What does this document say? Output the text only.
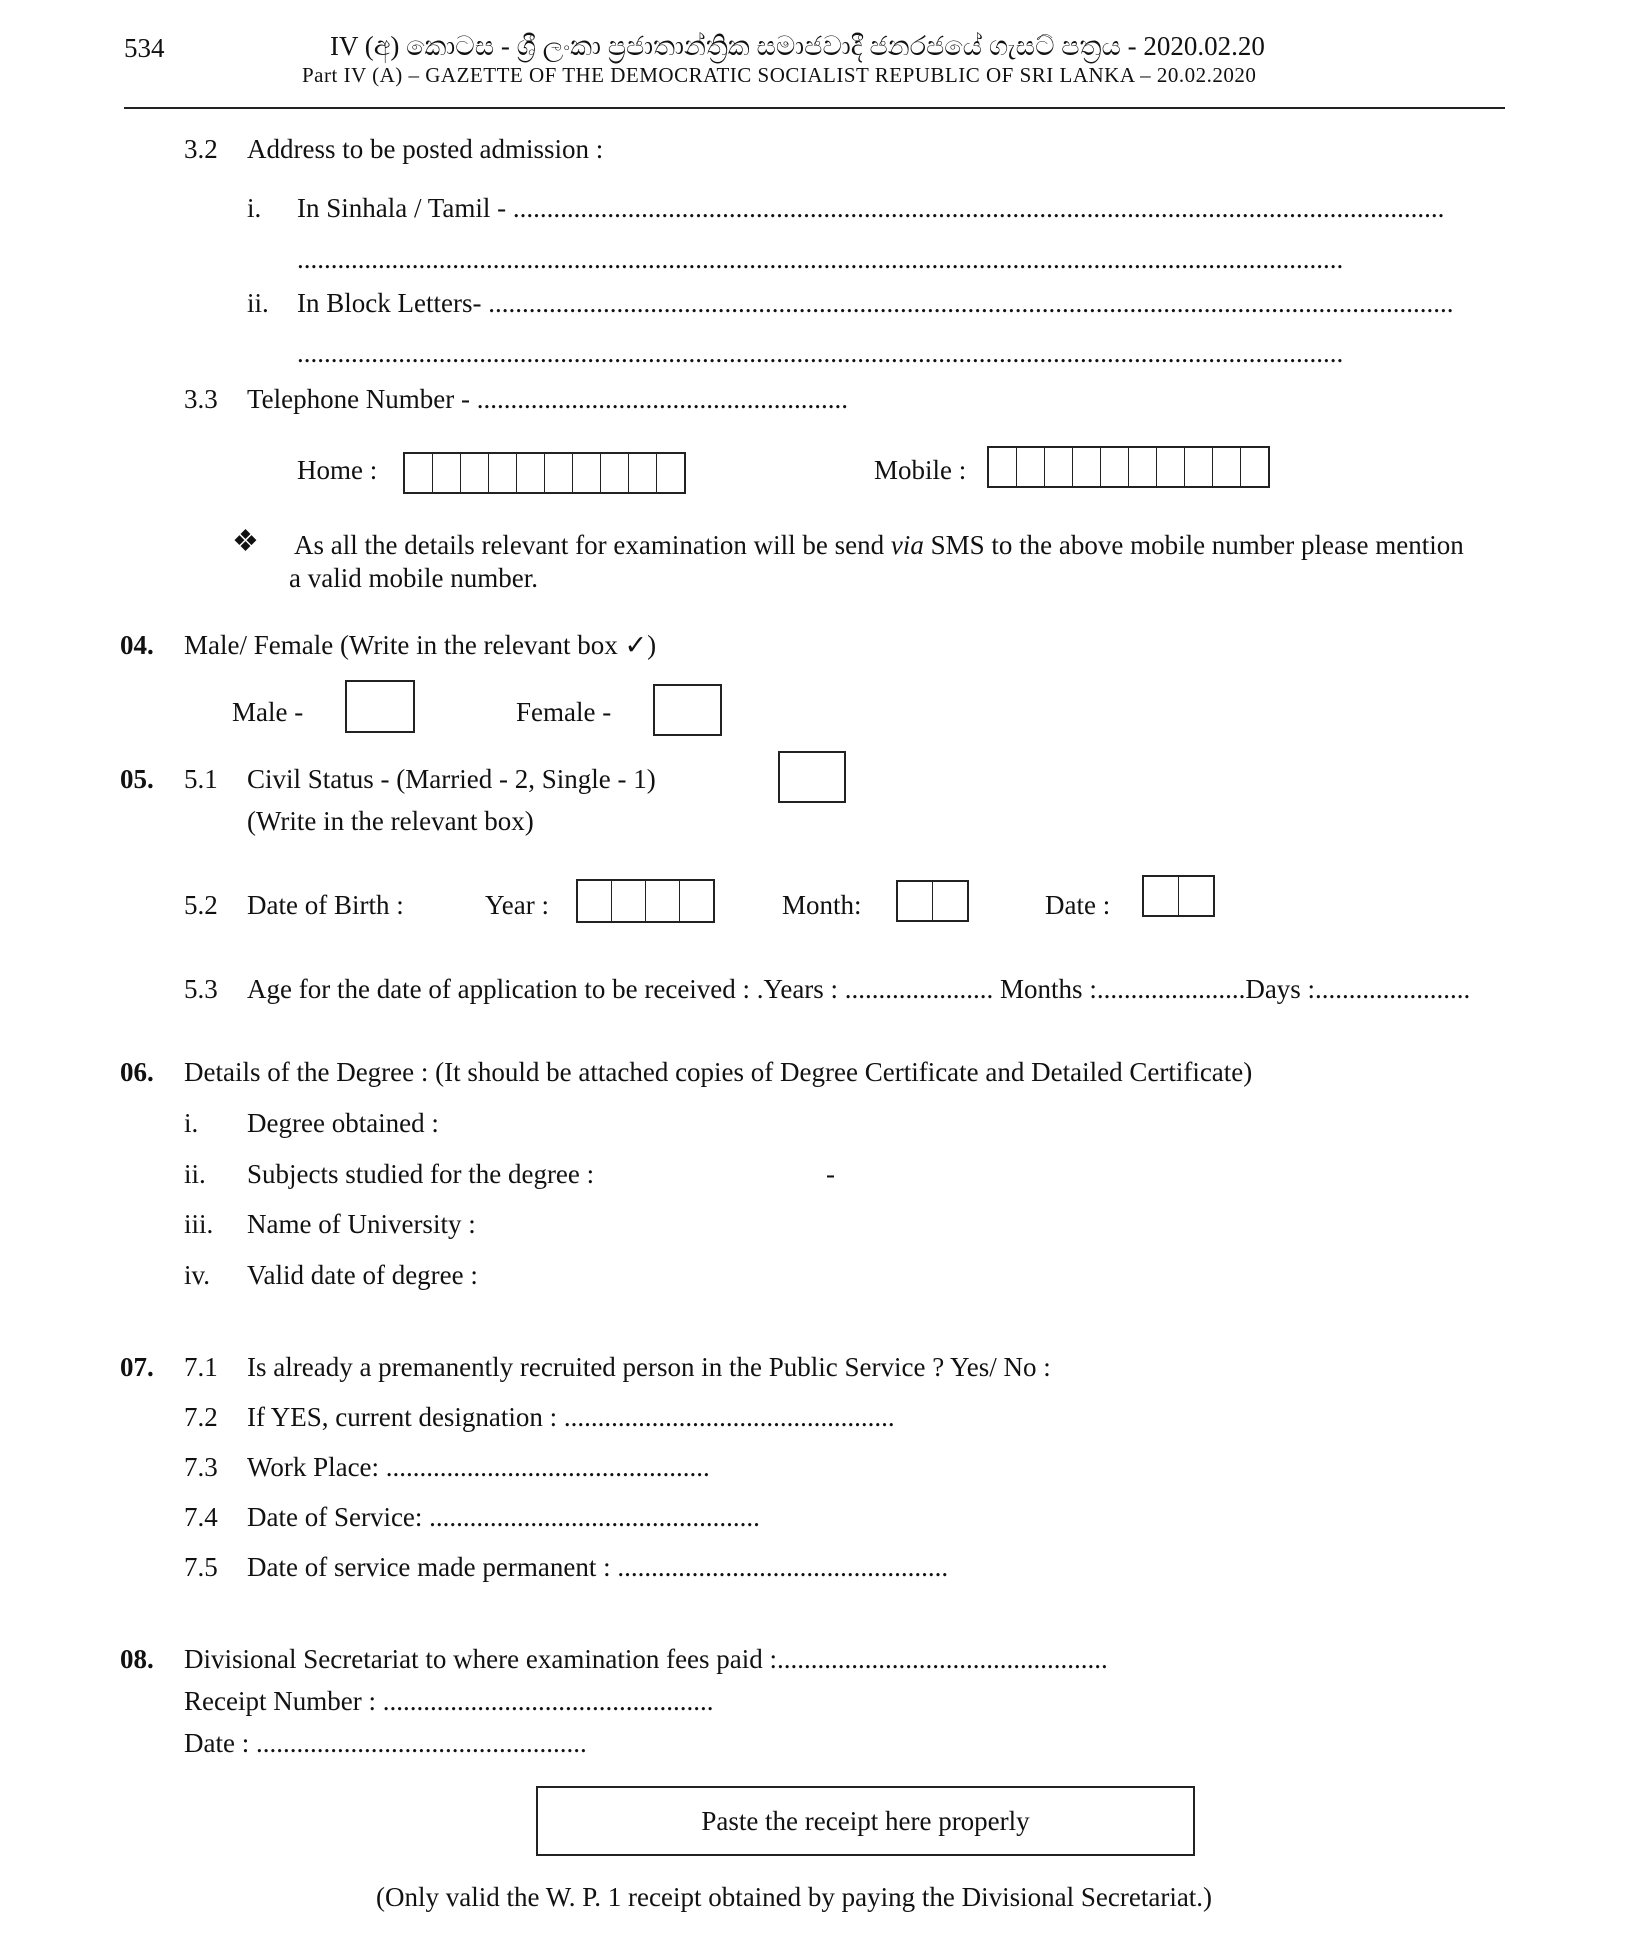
534	IV (අ) කොටස - ශ්‍රී ලංකා ප්‍රජාතාන්ත්‍රික සමාජවාදී ජනරජයේ ගැසට් පත්‍රය - 2020.02.20
Part IV (A) – GAZETTE OF THE DEMOCRATIC SOCIALIST REPUBLIC OF SRI LANKA – 20.02.2020
3.2 Address to be posted admission :
i. In Sinhala / Tamil - ..........................................................................................................................................
...........................................................................................................................................................
ii. In Block Letters- ...............................................................................................................................................
...........................................................................................................................................................
3.3 Telephone Number - .......................................................
Home :	Mobile :
❖ As all the details relevant for examination will be send via SMS to the above mobile number please mention
a valid mobile number.
04. Male/ Female (Write in the relevant box ✓)
Male -	Female -
05. 5.1 Civil Status - (Married - 2, Single - 1)
(Write in the relevant box)
5.2 Date of Birth :	Year :	Month:	Date :
5.3 Age for the date of application to be received : .Years : ...................... Months :......................Days :.......................
06. Details of the Degree : (It should be attached copies of Degree Certificate and Detailed Certificate)
i. Degree obtained :
ii. Subjects studied for the degree :	-
iii. Name of University :
iv. Valid date of degree :
07. 7.1 Is already a premanently recruited person in the Public Service ? Yes/ No :
7.2 If YES, current designation : .................................................
7.3 Work Place: ................................................
7.4 Date of Service: .................................................
7.5 Date of service made permanent : .................................................
08. Divisional Secretariat to where examination fees paid :.................................................
Receipt Number : .................................................
Date : .................................................
Paste the receipt here properly
(Only valid the W. P. 1 receipt obtained by paying the Divisional Secretariat.)
